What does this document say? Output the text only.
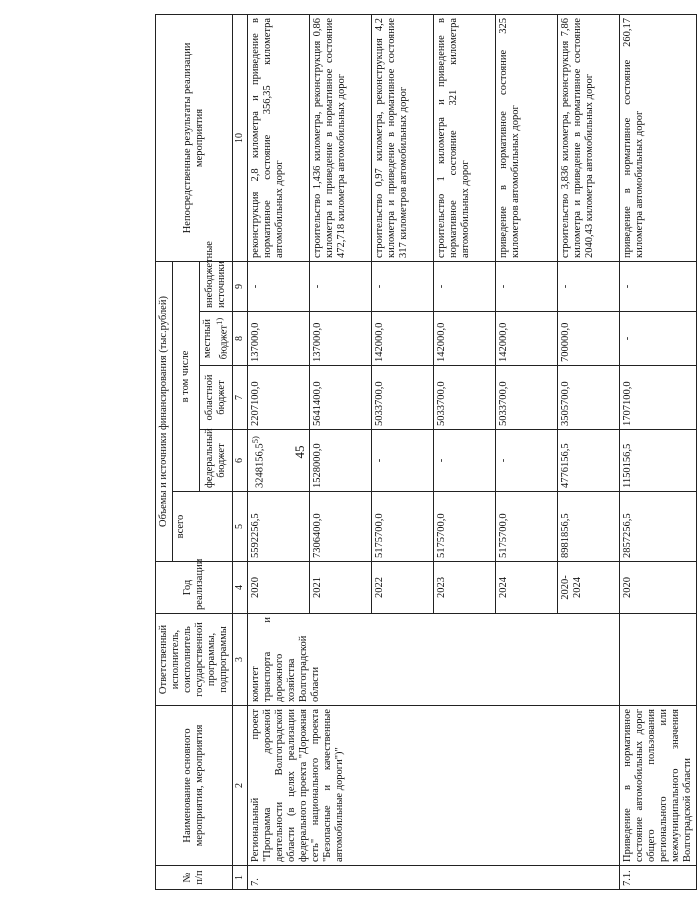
45
№ п/п	Наименование основного мероприятия, мероприятия	Ответственный исполнитель, соисполнитель государственной программы, подпрограммы	Год реализации	Объемы и источники финансирования (тыс.рублей)					Непосредственные результаты реализации мероприятия
				всего	в том числе				
					федеральный бюджет	областной бюджет	местный бюджет$^{1)}$	внебюджетные источники	
1	2	3	4	5	6	7	8	9	10
7.	Региональный проект "Программа дорожной деятельности Волгоградской области (в целях реализации федерального проекта "Дорожная сеть" национального проекта "Безопасные и качественные автомобильные дороги")"	комитет транспорта и дорожного хозяйства Волгоградской области	2020	5592256,5	3248156,5$^{5)}$	2207100,0	137000,0	-	реконструкция 2,8 километра и приведение в нормативное состояние 356,35 километра автомобильных дорог
			2021	7306400,0	1528000,0	5641400,0	137000,0	-	строительство 1,436 километра, реконструкция 0,86 километра и приведение в нормативное состояние 472,718 километра автомобильных дорог
			2022	5175700,0	-	5033700,0	142000,0	-	строительство 0,97 километра, реконструкция 4,2 километра и приведение в нормативное состояние 317 километров автомобильных дорог
			2023	5175700,0	-	5033700,0	142000,0	-	строительство 1 километра и приведение в нормативное состояние 321 километра автомобильных дорог
			2024	5175700,0	-	5033700,0	142000,0	-	приведение в нормативное состояние 325 километров автомобильных дорог
			2020-2024	8981856,5	4776156,5	3505700,0	700000,0	-	строительство 3,836 километра, реконструкция 7,86 километра и приведение в нормативное состояние 2040,43 километра автомобильных дорог
7.1.	Приведение в нормативное состояние автомобильных дорог общего пользования регионального или межмуниципального значения Волгоградской области		2020	2857256,5	1150156,5	1707100,0	-	-	приведение в нормативное состояние 260,17 километра автомобильных дорог
